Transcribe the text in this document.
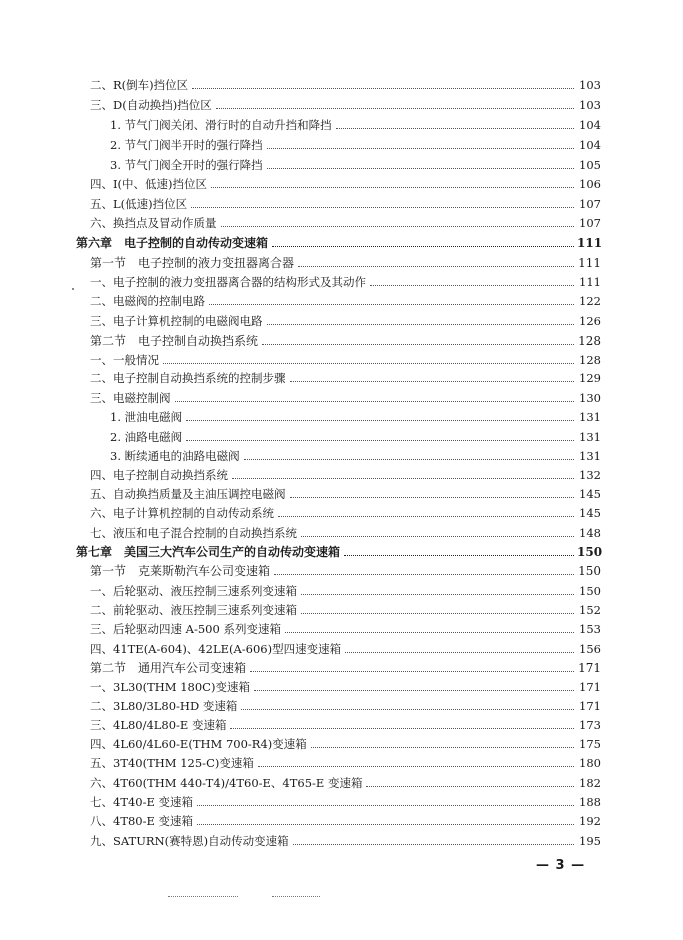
二、R(倒车)挡位区	103
三、D(自动换挡)挡位区	103
1. 节气门阀关闭、滑行时的自动升挡和降挡	104
2. 节气门阀半开时的强行降挡	104
3. 节气门阀全开时的强行降挡	105
四、I(中、低速)挡位区	106
五、L(低速)挡位区	107
六、换挡点及冒动作质量	107
第六章　电子控制的自动传动变速箱	111
第一节　电子控制的液力变扭器离合器	111
一、电子控制的液力变扭器离合器的结构形式及其动作	111
二、电磁阀的控制电路	122
三、电子计算机控制的电磁阀电路	126
第二节　电子控制自动换挡系统	128
一、一般情况	128
二、电子控制自动换挡系统的控制步骤	129
三、电磁控制阀	130
1. 泄油电磁阀	131
2. 油路电磁阀	131
3. 断续通电的油路电磁阀	131
四、电子控制自动换挡系统	132
五、自动换挡质量及主油压调控电磁阀	145
六、电子计算机控制的自动传动系统	145
七、液压和电子混合控制的自动换挡系统	148
第七章　美国三大汽车公司生产的自动传动变速箱	150
第一节　克莱斯勒汽车公司变速箱	150
一、后轮驱动、液压控制三速系列变速箱	150
二、前轮驱动、液压控制三速系列变速箱	152
三、后轮驱动四速 A-500 系列变速箱	153
四、41TE(A-604)、42LE(A-606)型四速变速箱	156
第二节　通用汽车公司变速箱	171
一、3L30(THM 180C)变速箱	171
二、3L80/3L80-HD 变速箱	171
三、4L80/4L80-E 变速箱	173
四、4L60/4L60-E(THM 700-R4)变速箱	175
五、3T40(THM 125-C)变速箱	180
六、4T60(THM 440-T4)/4T60-E、4T65-E 变速箱	182
七、4T40-E 变速箱	188
八、4T80-E 变速箱	192
九、SATURN(赛特恩)自动传动变速箱	195
— 3 —
